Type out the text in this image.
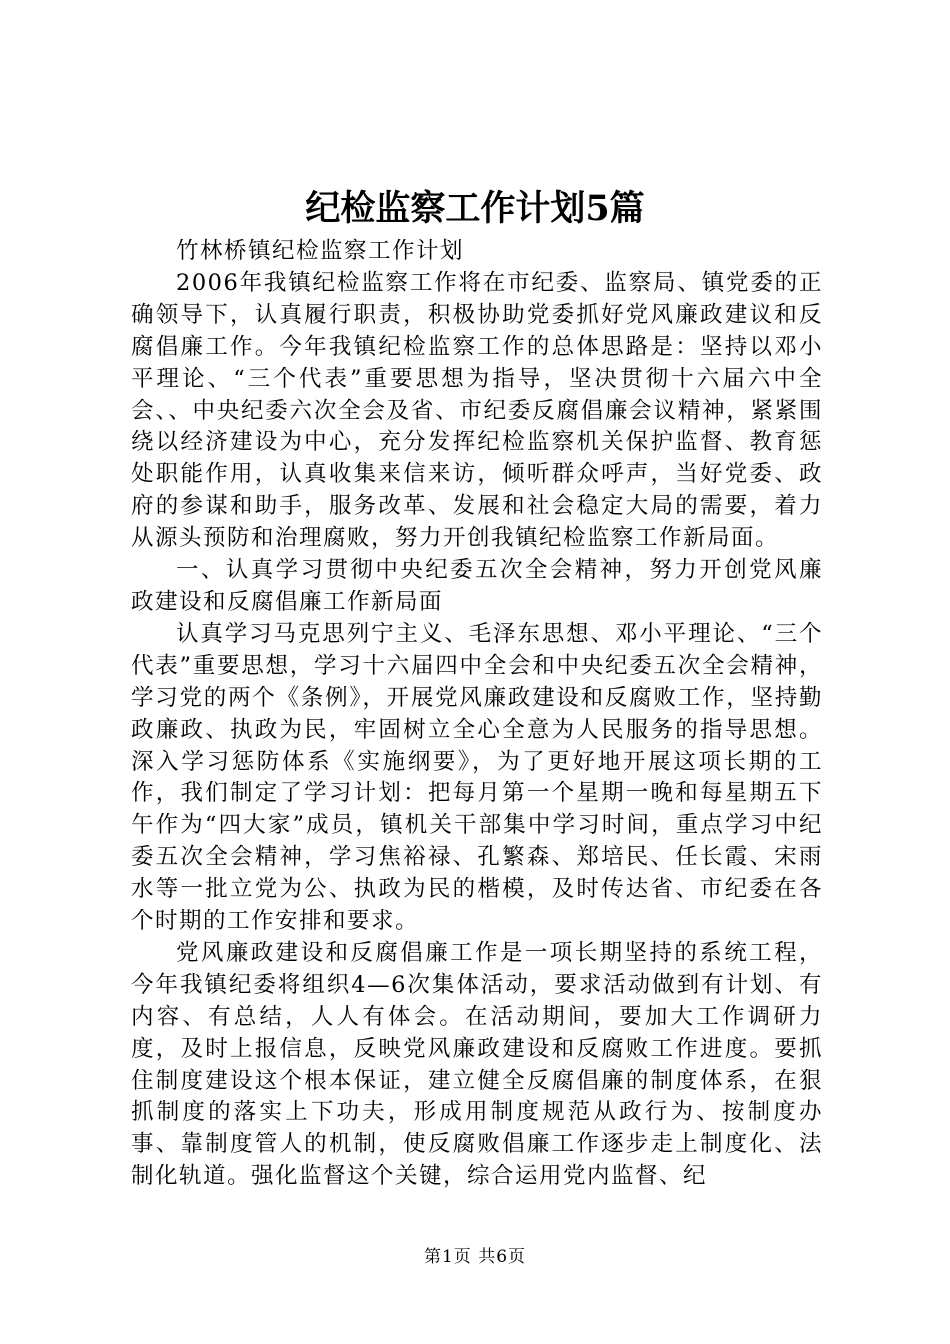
纪检监察工作计划5篇

竹林桥镇纪检监察工作计划

2006年我镇纪检监察工作将在市纪委、监察局、镇党委的正确领导下，认真履行职责，积极协助党委抓好党风廉政建议和反腐倡廉工作。今年我镇纪检监察工作的总体思路是：坚持以邓小平理论、“三个代表”重要思想为指导，坚决贯彻十六届六中全会、、中央纪委六次全会及省、市纪委反腐倡廉会议精神，紧紧围绕以经济建设为中心，充分发挥纪检监察机关保护监督、教育惩处职能作用，认真收集来信来访，倾听群众呼声，当好党委、政府的参谋和助手，服务改革、发展和社会稳定大局的需要，着力从源头预防和治理腐败，努力开创我镇纪检监察工作新局面。

一、认真学习贯彻中央纪委五次全会精神，努力开创党风廉政建设和反腐倡廉工作新局面

认真学习马克思列宁主义、毛泽东思想、邓小平理论、“三个代表”重要思想，学习十六届四中全会和中央纪委五次全会精神，学习党的两个《条例》，开展党风廉政建设和反腐败工作，坚持勤政廉政、执政为民，牢固树立全心全意为人民服务的指导思想。深入学习惩防体系《实施纲要》，为了更好地开展这项长期的工作，我们制定了学习计划：把每月第一个星期一晚和每星期五下午作为“四大家”成员，镇机关干部集中学习时间，重点学习中纪委五次全会精神，学习焦裕禄、孔繁森、郑培民、任长霞、宋雨水等一批立党为公、执政为民的楷模，及时传达省、市纪委在各个时期的工作安排和要求。

党风廉政建设和反腐倡廉工作是一项长期坚持的系统工程，今年我镇纪委将组织4—6次集体活动，要求活动做到有计划、有内容、有总结，人人有体会。在活动期间，要加大工作调研力度，及时上报信息，反映党风廉政建设和反腐败工作进度。要抓住制度建设这个根本保证，建立健全反腐倡廉的制度体系，在狠抓制度的落实上下功夫，形成用制度规范从政行为、按制度办事、靠制度管人的机制，使反腐败倡廉工作逐步走上制度化、法制化轨道。强化监督这个关键，综合运用党内监督、纪

第1页 共6页
